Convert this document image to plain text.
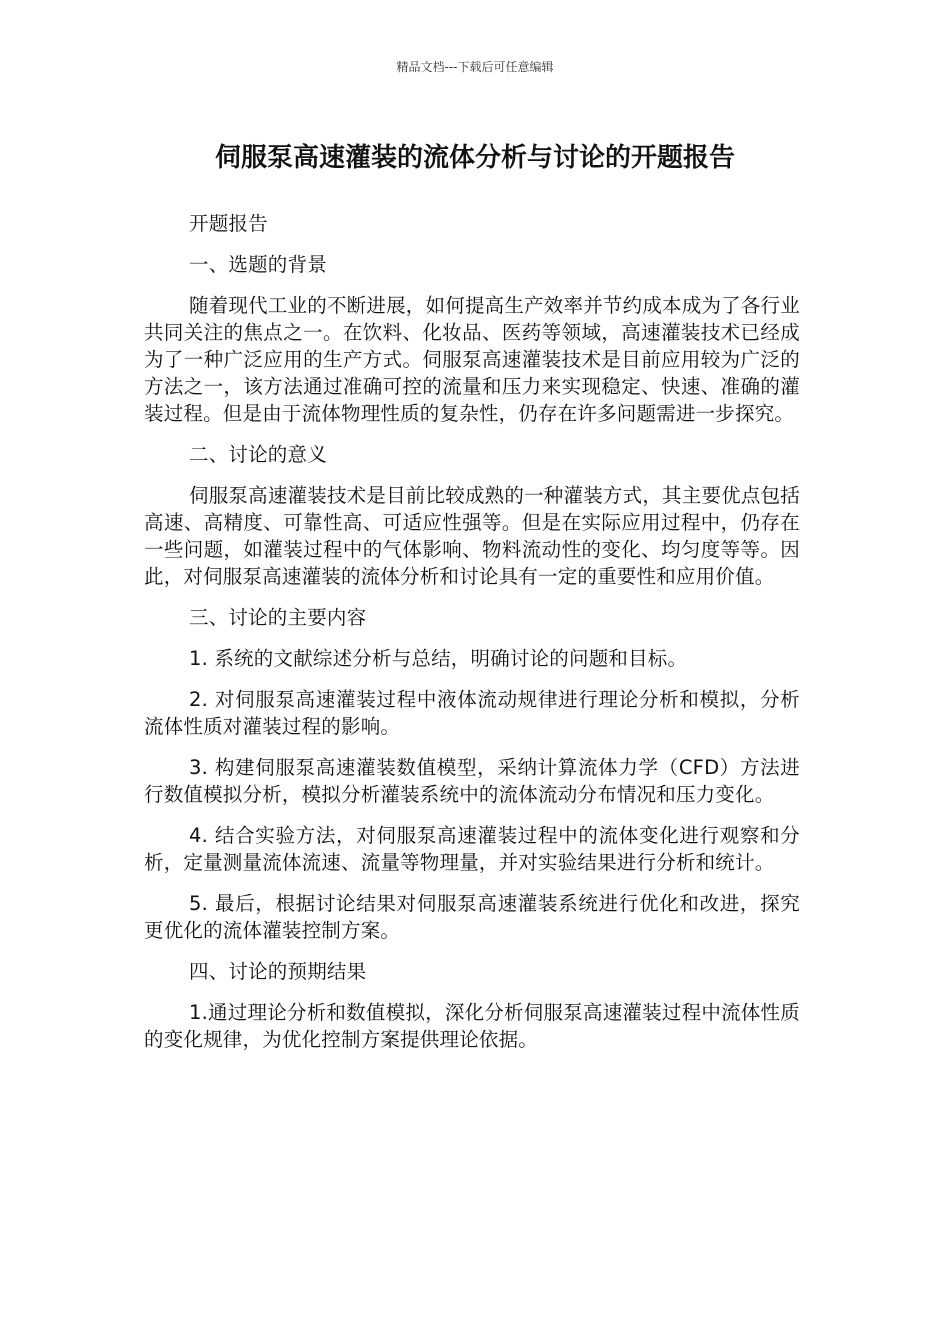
精品文档---下载后可任意编辑
伺服泵高速灌装的流体分析与讨论的开题报告

开题报告

一、选题的背景

随着现代工业的不断进展，如何提高生产效率并节约成本成为了各行业共同关注的焦点之一。在饮料、化妆品、医药等领域，高速灌装技术已经成为了一种广泛应用的生产方式。伺服泵高速灌装技术是目前应用较为广泛的方法之一，该方法通过准确可控的流量和压力来实现稳定、快速、准确的灌装过程。但是由于流体物理性质的复杂性，仍存在许多问题需进一步探究。

二、讨论的意义

伺服泵高速灌装技术是目前比较成熟的一种灌装方式，其主要优点包括高速、高精度、可靠性高、可适应性强等。但是在实际应用过程中，仍存在一些问题，如灌装过程中的气体影响、物料流动性的变化、均匀度等等。因此，对伺服泵高速灌装的流体分析和讨论具有一定的重要性和应用价值。

三、讨论的主要内容

1. 系统的文献综述分析与总结，明确讨论的问题和目标。

2. 对伺服泵高速灌装过程中液体流动规律进行理论分析和模拟，分析流体性质对灌装过程的影响。

3. 构建伺服泵高速灌装数值模型，采纳计算流体力学（CFD）方法进行数值模拟分析，模拟分析灌装系统中的流体流动分布情况和压力变化。

4. 结合实验方法，对伺服泵高速灌装过程中的流体变化进行观察和分析，定量测量流体流速、流量等物理量，并对实验结果进行分析和统计。

5. 最后，根据讨论结果对伺服泵高速灌装系统进行优化和改进，探究更优化的流体灌装控制方案。

四、讨论的预期结果

1.通过理论分析和数值模拟，深化分析伺服泵高速灌装过程中流体性质的变化规律，为优化控制方案提供理论依据。
